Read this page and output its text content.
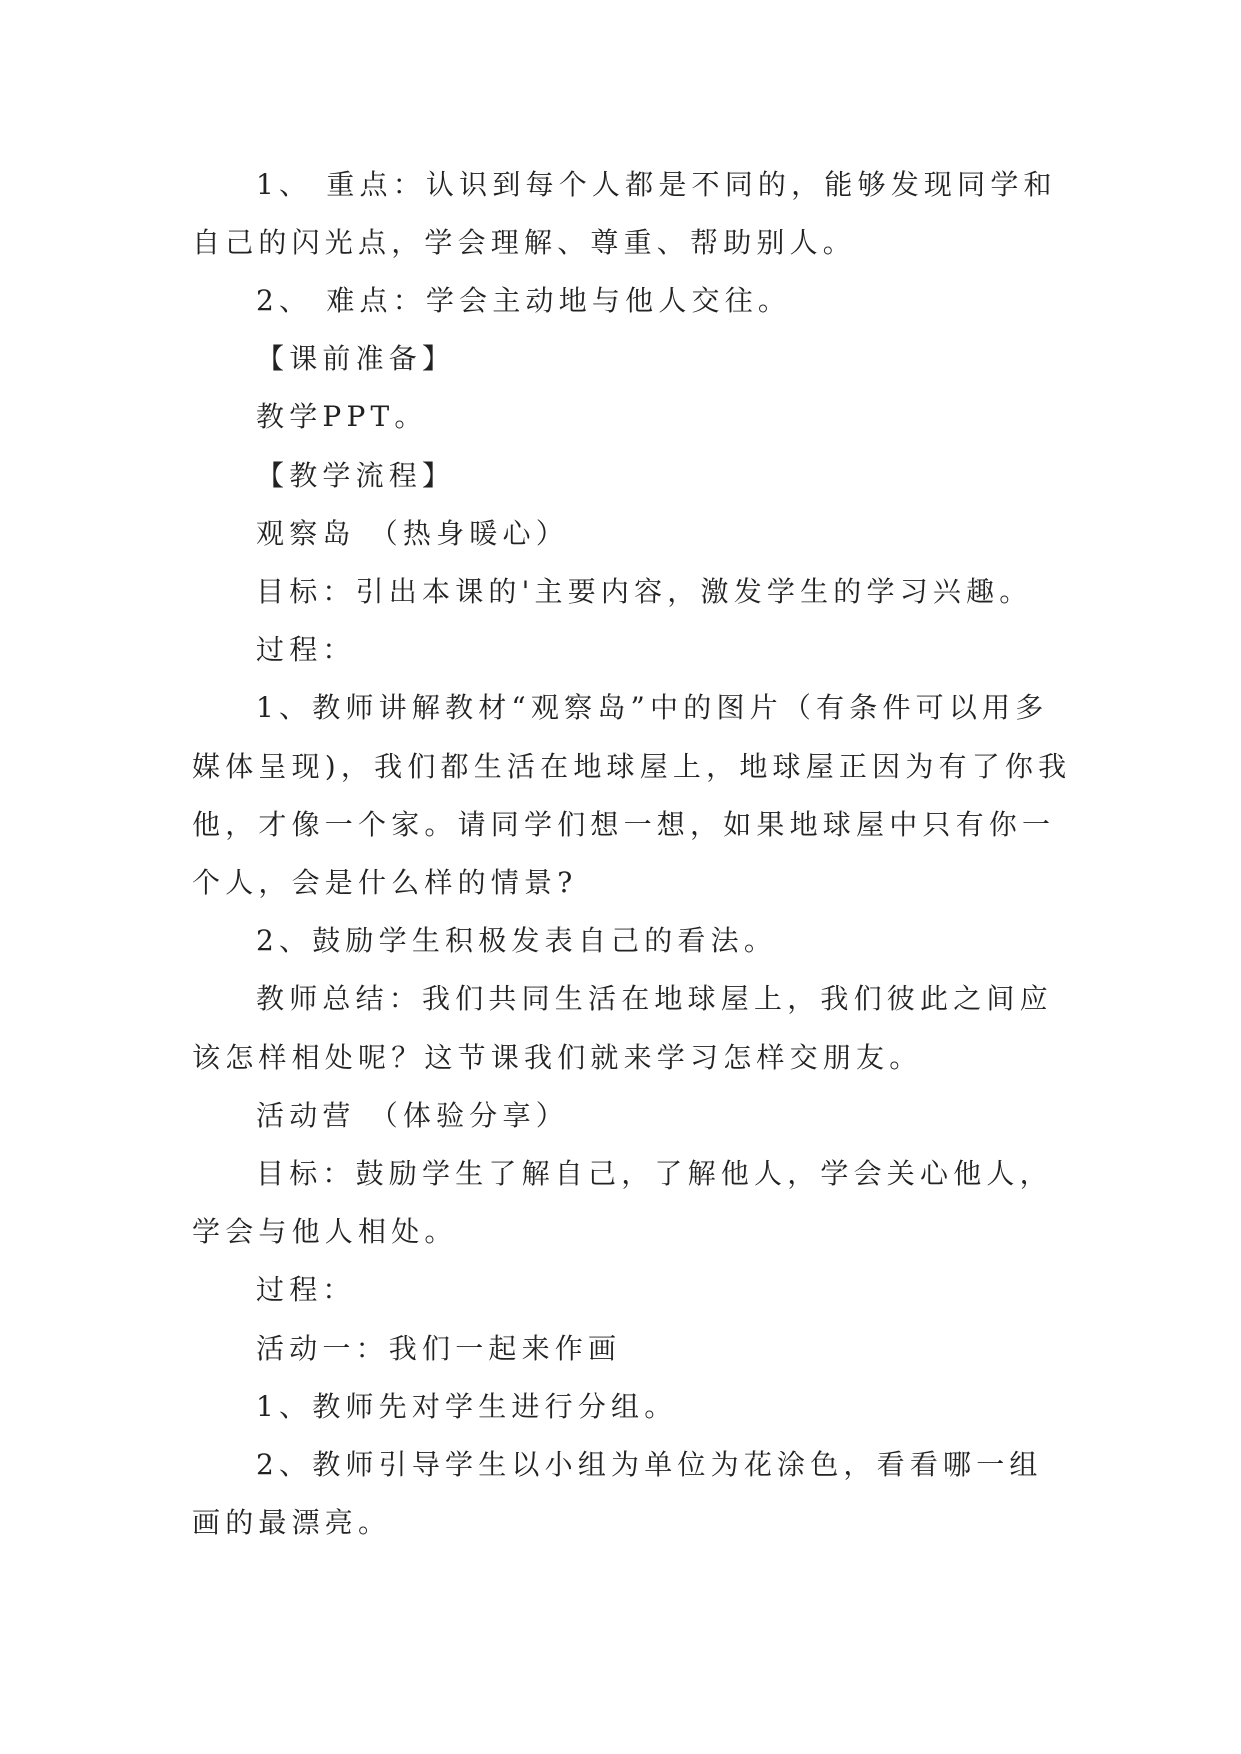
1、 重点：认识到每个人都是不同的，能够发现同学和自己的闪光点，学会理解、尊重、帮助别人。

2、 难点：学会主动地与他人交往。

【课前准备】

教学PPT。

【教学流程】

观察岛 （热身暖心）

目标：引出本课的'主要内容，激发学生的学习兴趣。

过程：

1、教师讲解教材“观察岛”中的图片（有条件可以用多媒体呈现)，我们都生活在地球屋上，地球屋正因为有了你我他，才像一个家。请同学们想一想，如果地球屋中只有你一个人，会是什么样的情景?

2、鼓励学生积极发表自己的看法。

教师总结：我们共同生活在地球屋上，我们彼此之间应该怎样相处呢？这节课我们就来学习怎样交朋友。

活动营 （体验分享）

目标：鼓励学生了解自己，了解他人，学会关心他人，学会与他人相处。

过程：

活动一：我们一起来作画

1、教师先对学生进行分组。

2、教师引导学生以小组为单位为花涂色，看看哪一组画的最漂亮。
